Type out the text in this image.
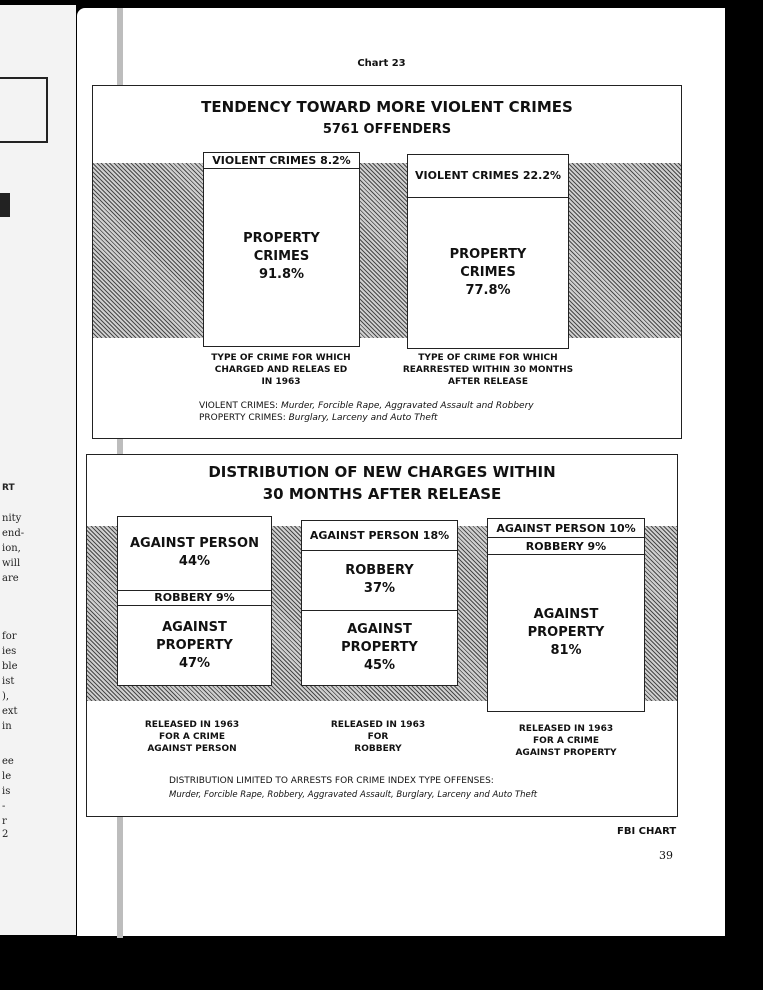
RT
nity
end-
ion,
will
are
for
ies
ble
ist
),
ext
in
ee
le
is
-
r
2
Chart 23
TENDENCY TOWARD MORE VIOLENT CRIMES
5761 OFFENDERS
VIOLENT CRIMES 8.2%
PROPERTY
CRIMES
91.8%
VIOLENT CRIMES 22.2%
PROPERTY
CRIMES
77.8%
TYPE OF CRIME FOR WHICH
CHARGED AND RELEAS ED
IN 1963
TYPE OF CRIME FOR WHICH
REARRESTED WITHIN 30 MONTHS
AFTER RELEASE
VIOLENT CRIMES: Murder, Forcible Rape, Aggravated Assault and Robbery
PROPERTY CRIMES: Burglary, Larceny and Auto Theft
DISTRIBUTION OF NEW CHARGES WITHIN
30 MONTHS AFTER RELEASE
AGAINST PERSON
44%
ROBBERY 9%
AGAINST
PROPERTY
47%
AGAINST PERSON 18%
ROBBERY
37%
AGAINST
PROPERTY
45%
AGAINST PERSON 10%
ROBBERY 9%
AGAINST
PROPERTY
81%
RELEASED IN 1963
FOR A CRIME
AGAINST PERSON
RELEASED IN 1963
FOR
ROBBERY
RELEASED IN 1963
FOR A CRIME
AGAINST PROPERTY
DISTRIBUTION LIMITED TO ARRESTS FOR CRIME INDEX TYPE OFFENSES:
Murder, Forcible Rape, Robbery, Aggravated Assault, Burglary, Larceny and Auto Theft
FBI CHART
39
